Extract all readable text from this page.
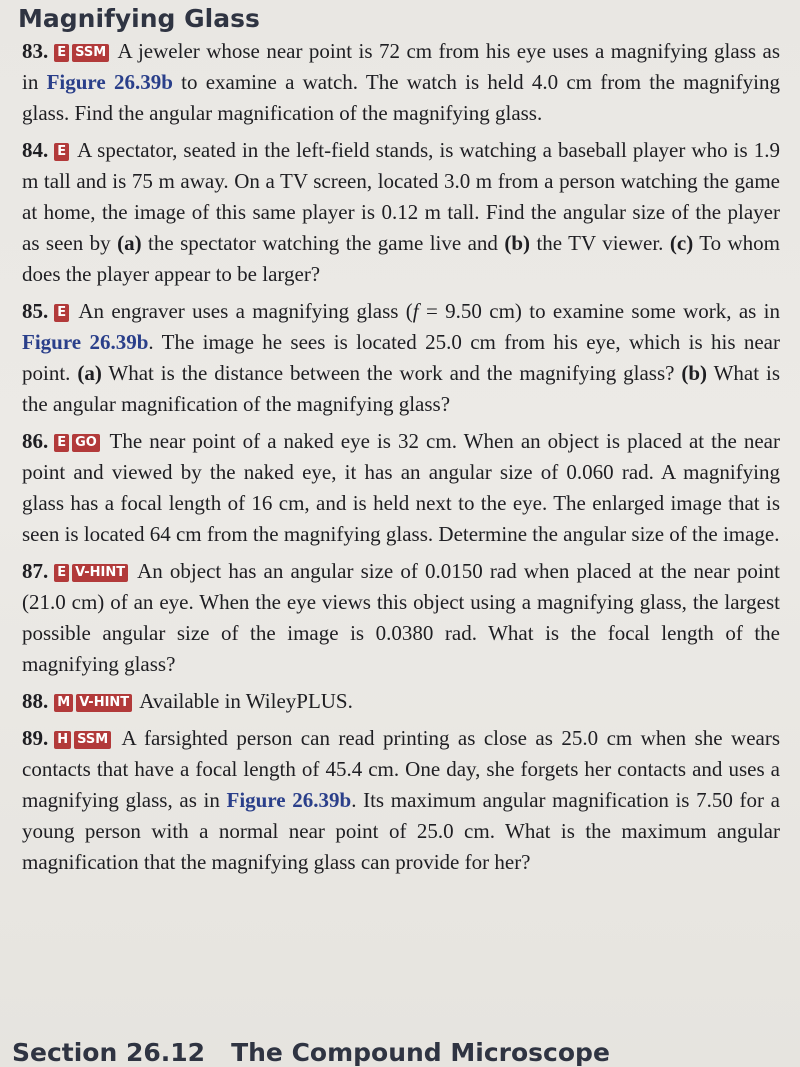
Magnifying Glass

83. E SSM A jeweler whose near point is 72 cm from his eye uses a magnifying glass as in Figure 26.39b to examine a watch. The watch is held 4.0 cm from the magnifying glass. Find the angular magnification of the magnifying glass.

84. E A spectator, seated in the left-field stands, is watching a baseball player who is 1.9 m tall and is 75 m away. On a TV screen, located 3.0 m from a person watching the game at home, the image of this same player is 0.12 m tall. Find the angular size of the player as seen by (a) the spectator watching the game live and (b) the TV viewer. (c) To whom does the player appear to be larger?

85. E An engraver uses a magnifying glass (f = 9.50 cm) to examine some work, as in Figure 26.39b. The image he sees is located 25.0 cm from his eye, which is his near point. (a) What is the distance between the work and the magnifying glass? (b) What is the angular magnification of the magnifying glass?

86. E GO The near point of a naked eye is 32 cm. When an object is placed at the near point and viewed by the naked eye, it has an angular size of 0.060 rad. A magnifying glass has a focal length of 16 cm, and is held next to the eye. The enlarged image that is seen is located 64 cm from the magnifying glass. Determine the angular size of the image.

87. E V-HINT An object has an angular size of 0.0150 rad when placed at the near point (21.0 cm) of an eye. When the eye views this object using a magnifying glass, the largest possible angular size of the image is 0.0380 rad. What is the focal length of the magnifying glass?

88. M V-HINT Available in WileyPLUS.

89. H SSM A farsighted person can read printing as close as 25.0 cm when she wears contacts that have a focal length of 45.4 cm. One day, she forgets her contacts and uses a magnifying glass, as in Figure 26.39b. Its maximum angular magnification is 7.50 for a young person with a normal near point of 25.0 cm. What is the maximum angular magnification that the magnifying glass can provide for her?

Section 26.12 The Compound Microscope
